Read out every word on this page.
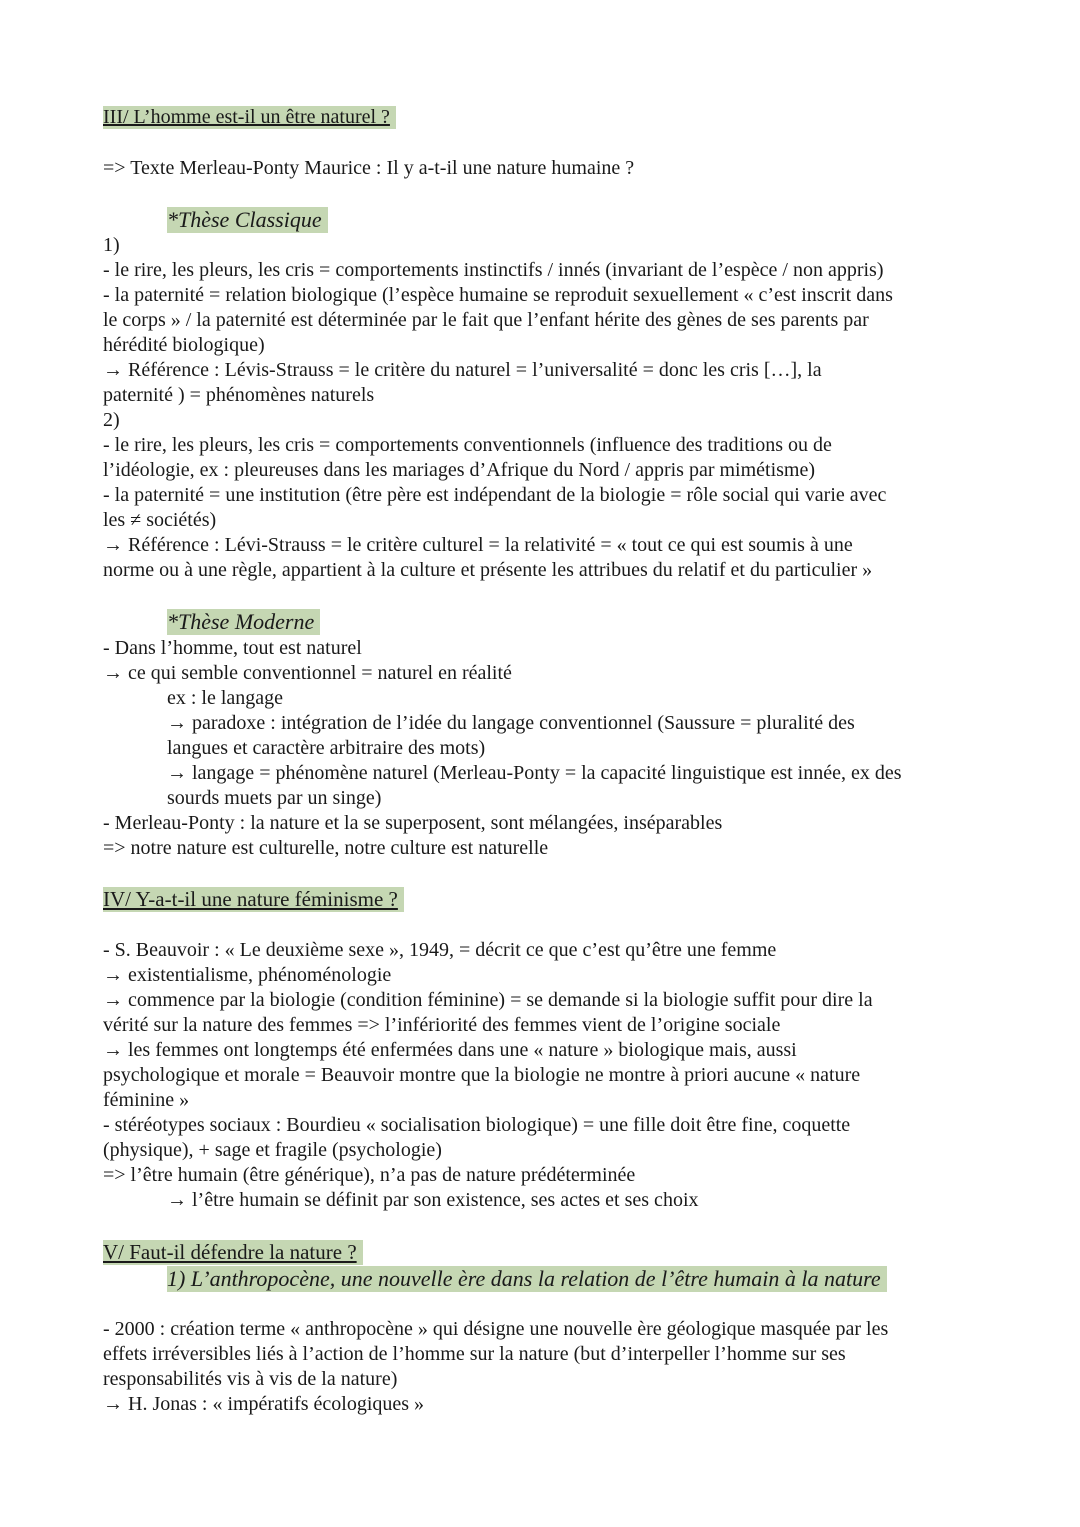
III/ L’homme est-il un être naturel ?
=> Texte Merleau-Ponty Maurice : Il y a-t-il une nature humaine ?
*Thèse Classique
1)
- le rire, les pleurs, les cris = comportements instinctifs / innés (invariant de l’espèce / non appris)
- la paternité = relation biologique (l’espèce humaine se reproduit sexuellement « c’est inscrit dans
le corps » / la paternité est déterminée par le fait que l’enfant hérite des gènes de ses parents par
hérédité biologique)
→ Référence : Lévis-Strauss = le critère du naturel = l’universalité = donc les cris […], la
paternité ) = phénomènes naturels
2)
- le rire, les pleurs, les cris = comportements conventionnels (influence des traditions ou de
l’idéologie, ex : pleureuses dans les mariages d’Afrique du Nord / appris par mimétisme)
- la paternité = une institution (être père est indépendant de la biologie = rôle social qui varie avec
les ≠ sociétés)
→ Référence : Lévi-Strauss = le critère culturel = la relativité = « tout ce qui est soumis à une
norme ou à une règle, appartient à la culture et présente les attribues du relatif et du particulier »
*Thèse Moderne
- Dans l’homme, tout est naturel
→ ce qui semble conventionnel = naturel en réalité
ex : le langage
→ paradoxe : intégration de l’idée du langage conventionnel (Saussure = pluralité des
langues et caractère arbitraire des mots)
→ langage = phénomène naturel (Merleau-Ponty = la capacité linguistique est innée, ex des
sourds muets par un singe)
- Merleau-Ponty : la nature et la se superposent, sont mélangées, inséparables
=> notre nature est culturelle, notre culture est naturelle
IV/ Y-a-t-il une nature féminisme ?
- S. Beauvoir : « Le deuxième sexe », 1949, = décrit ce que c’est qu’être une femme
→ existentialisme, phénoménologie
→ commence par la biologie (condition féminine) = se demande si la biologie suffit pour dire la
vérité sur la nature des femmes => l’infériorité des femmes vient de l’origine sociale
→ les femmes ont longtemps été enfermées dans une « nature » biologique mais, aussi
psychologique et morale = Beauvoir montre que la biologie ne montre à priori aucune « nature
féminine »
- stéréotypes sociaux : Bourdieu « socialisation biologique) = une fille doit être fine, coquette
(physique), + sage et fragile (psychologie)
=> l’être humain (être générique), n’a pas de nature prédéterminée
→ l’être humain se définit par son existence, ses actes et ses choix
V/ Faut-il défendre la nature ?
1) L’anthropocène, une nouvelle ère dans la relation de l’être humain à la nature
- 2000 : création terme « anthropocène » qui désigne une nouvelle ère géologique masquée par les
effets irréversibles liés à l’action de l’homme sur la nature (but d’interpeller l’homme sur ses
responsabilités vis à vis de la nature)
→ H. Jonas : « impératifs écologiques »
